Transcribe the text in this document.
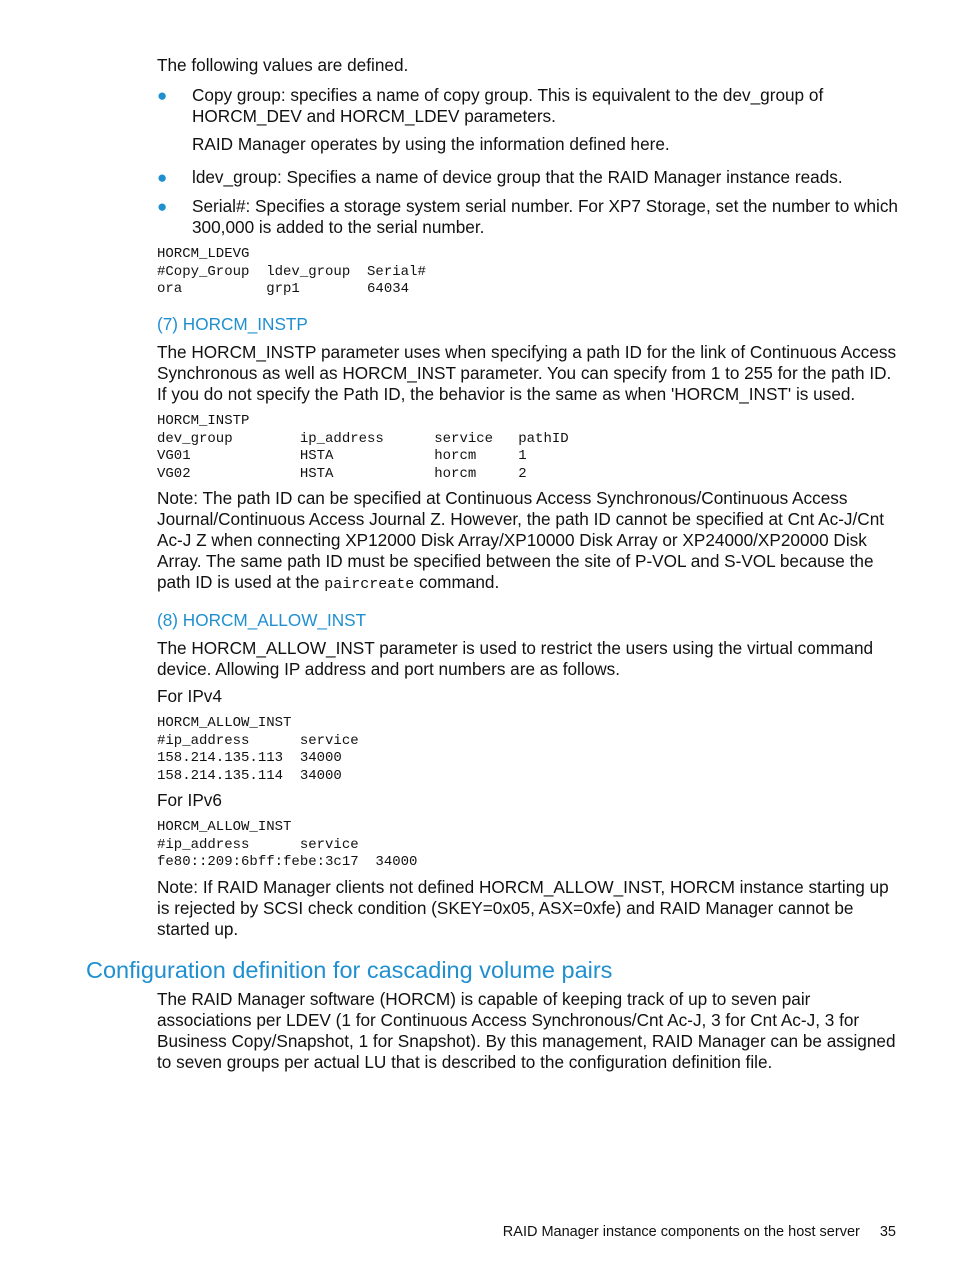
The following values are defined.

● Copy group: specifies a name of copy group. This is equivalent to the dev_group of HORCM_DEV and HORCM_LDEV parameters.
RAID Manager operates by using the information defined here.
● ldev_group: Specifies a name of device group that the RAID Manager instance reads.
● Serial#: Specifies a storage system serial number. For XP7 Storage, set the number to which 300,000 is added to the serial number.
HORCM_LDEVG
#Copy_Group  ldev_group  Serial#
ora          grp1        64034
(7) HORCM_INSTP

The HORCM_INSTP parameter uses when specifying a path ID for the link of Continuous Access Synchronous as well as HORCM_INST parameter. You can specify from 1 to 255 for the path ID. If you do not specify the Path ID, the behavior is the same as when 'HORCM_INST' is used.

HORCM_INSTP
dev_group        ip_address      service   pathID
VG01             HSTA            horcm     1
VG02             HSTA            horcm     2

Note: The path ID can be specified at Continuous Access Synchronous/Continuous Access Journal/Continuous Access Journal Z. However, the path ID cannot be specified at Cnt Ac-J/Cnt Ac-J Z when connecting XP12000 Disk Array/XP10000 Disk Array or XP24000/XP20000 Disk Array. The same path ID must be specified between the site of P-VOL and S-VOL because the path ID is used at the paircreate command.

(8) HORCM_ALLOW_INST

The HORCM_ALLOW_INST parameter is used to restrict the users using the virtual command device. Allowing IP address and port numbers are as follows.

For IPv4

HORCM_ALLOW_INST
#ip_address      service
158.214.135.113  34000
158.214.135.114  34000

For IPv6

HORCM_ALLOW_INST
#ip_address      service
fe80::209:6bff:febe:3c17  34000

Note: If RAID Manager clients not defined HORCM_ALLOW_INST, HORCM instance starting up is rejected by SCSI check condition (SKEY=0x05, ASX=0xfe) and RAID Manager cannot be started up.

Configuration definition for cascading volume pairs

The RAID Manager software (HORCM) is capable of keeping track of up to seven pair associations per LDEV (1 for Continuous Access Synchronous/Cnt Ac-J, 3 for Cnt Ac-J, 3 for Business Copy/Snapshot, 1 for Snapshot). By this management, RAID Manager can be assigned to seven groups per actual LU that is described to the configuration definition file.

RAID Manager instance components on the host server 35
